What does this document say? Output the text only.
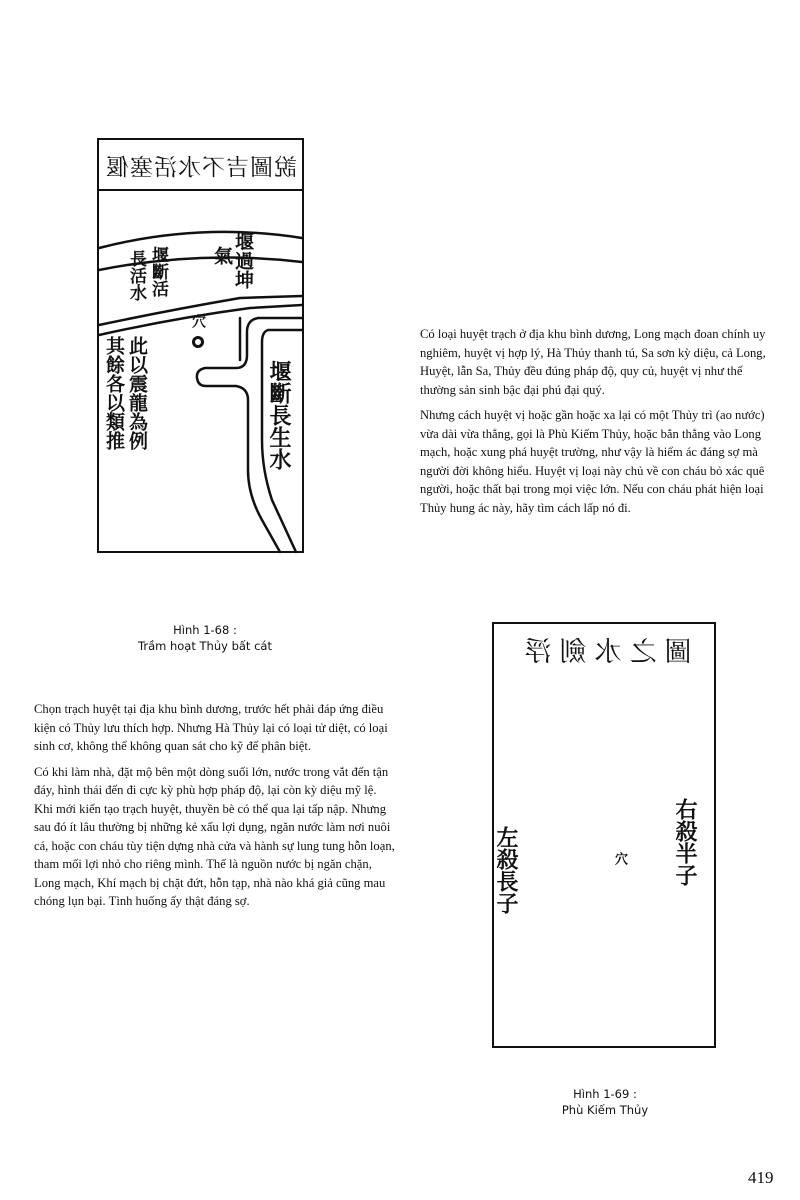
說圖吉不水活塞偃
堰過坤
氣
堰斷活
長活水
穴
此以震龍為例
其餘各以類推	堰斷長生水
Hình 1-68 :
Trầm hoạt Thủy bất cát

Có loại huyệt trạch ở địa khu bình dương, Long mạch đoan chính uy nghiêm, huyệt vị hợp lý, Hà Thủy thanh tú, Sa sơn kỳ diệu, cả Long, Huyệt, lẫn Sa, Thủy đều đúng pháp độ, quy củ, huyệt vị như thế thường sản sinh bậc đại phú đại quý.

Nhưng cách huyệt vị hoặc gần hoặc xa lại có một Thủy trì (ao nước) vừa dài vừa thẳng, gọi là Phù Kiếm Thủy, hoặc bắn thẳng vào Long mạch, hoặc xung phá huyệt trường, như vậy là hiểm ác đáng sợ mà người đời không hiểu. Huyệt vị loại này chủ về con cháu bỏ xác quê người, hoặc thất bại trong mọi việc lớn. Nếu con cháu phát hiện loại Thủy hung ác này, hãy tìm cách lấp nó đi.

圖之水劍浮
穴 右殺半子
左殺長子
Hình 1-69 :
Phù Kiếm Thủy

Chọn trạch huyệt tại địa khu bình dương, trước hết phải đáp ứng điều kiện có Thủy lưu thích hợp. Nhưng Hà Thủy lại có loại tử diệt, có loại sinh cơ, không thể không quan sát cho kỹ để phân biệt.

Có khi làm nhà, đặt mộ bên một dòng suối lớn, nước trong vắt đến tận đáy, hình thái đến đi cực kỳ phù hợp pháp độ, lại còn kỳ diệu mỹ lệ. Khi mới kiến tạo trạch huyệt, thuyền bè có thể qua lại tấp nập. Nhưng sau đó ít lâu thường bị những kẻ xấu lợi dụng, ngăn nước làm nơi nuôi cá, hoặc con cháu tùy tiện dựng nhà cửa và hành sự lung tung hỗn loạn, tham mối lợi nhỏ cho riêng mình. Thế là nguồn nước bị ngăn chặn, Long mạch, Khí mạch bị chặt đứt, hỗn tạp, nhà nào khá giả cũng mau chóng lụn bại. Tình huống ấy thật đáng sợ.

419
